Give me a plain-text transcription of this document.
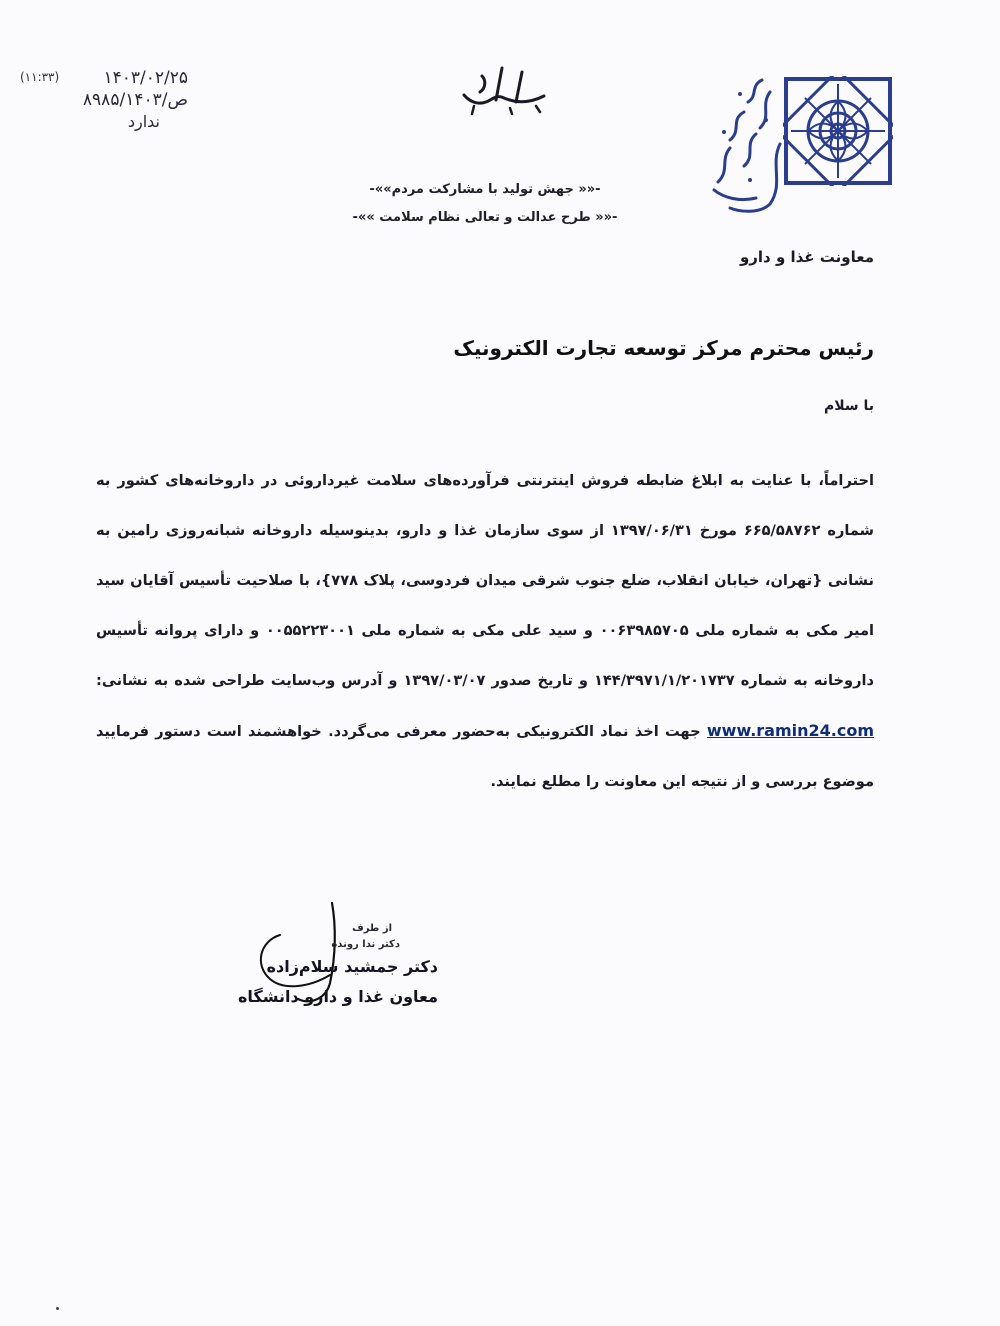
(۱۱:۳۳)	۱۴۰۳/۰۲/۲۵
۸۹۸۵/ص/۱۴۰۳
ندارد
-«« جهش تولید با مشارکت مردم»»-
-«« طرح عدالت و تعالی نظام سلامت »»-
معاونت غذا و دارو
رئیس محترم مرکز توسعه تجارت الکترونیک
با سلام

احتراماً، با عنایت به ابلاغ ضابطه فروش اینترنتی فرآورده‌های سلامت غیرداروئی در داروخانه‌های کشور به شماره ۶۶۵/۵۸۷۶۲ مورخ ۱۳۹۷/۰۶/۳۱ از سوی سازمان غذا و دارو، بدینوسیله داروخانه شبانه‌روزی رامین به نشانی {تهران، خیابان انقلاب، ضلع جنوب شرقی میدان فردوسی، پلاک ۷۷۸}، با صلاحیت تأسیس آقایان سید امیر مکی به شماره ملی ۰۰۶۳۹۸۵۷۰۵ و سید علی مکی به شماره ملی ۰۰۵۵۲۲۳۰۰۱ و دارای پروانه تأسیس داروخانه به شماره ۱۴۴/۳۹۷۱/۱/۲۰۱۷۳۷ و تاریخ صدور ۱۳۹۷/۰۳/۰۷ و آدرس وب‌سایت طراحی شده به نشانی: www.ramin24.com جهت اخذ نماد الکترونیکی به‌حضور معرفی می‌گردد. خواهشمند است دستور فرمایید موضوع بررسی و از نتیجه این معاونت را مطلع نمایند.

از طرف
دکتر ندا رونده
دکتر جمشید سلام‌زاده
معاون غذا و دارو دانشگاه
